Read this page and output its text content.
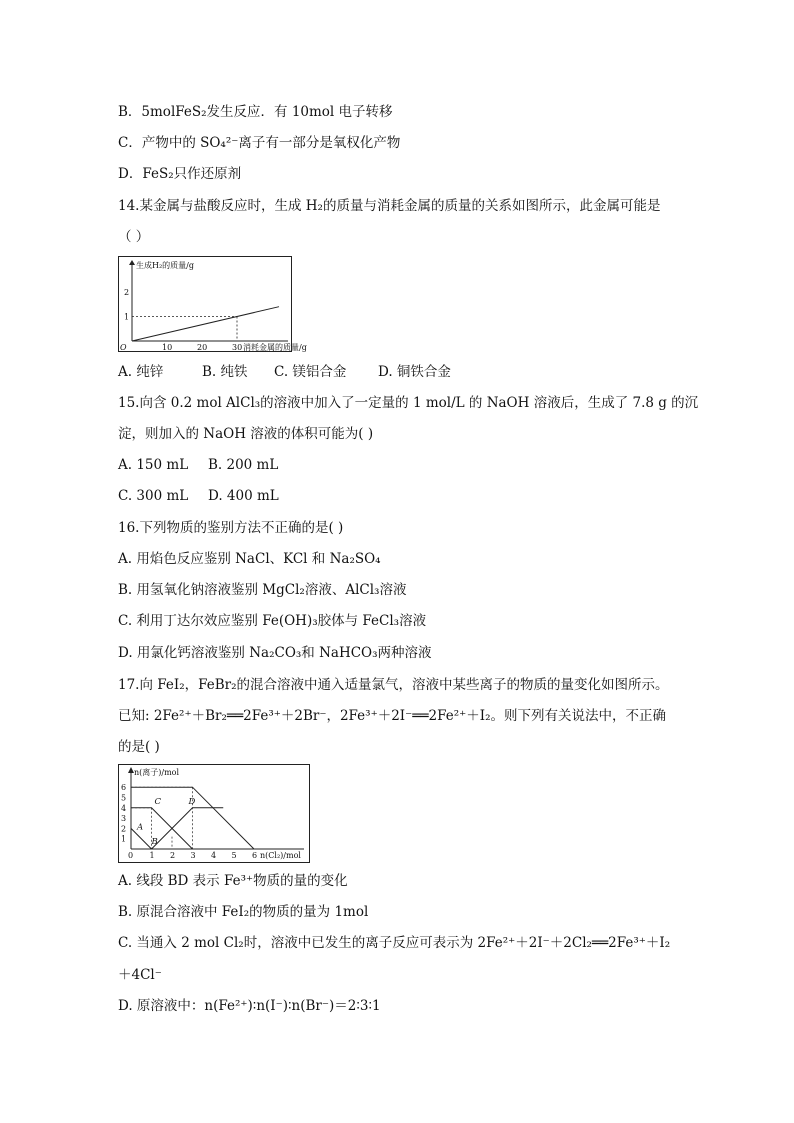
B．5molFeS₂发生反应．有 10mol 电子转移
C．产物中的 SO₄²⁻离子有一部分是氧权化产物
D．FeS₂只作还原剂
14.某金属与盐酸反应时，生成 H₂的质量与消耗金属的质量的关系如图所示，此金属可能是
（ ）
生成H₂的质量/g
O
1
2
10	20	30 消耗金属的质量/g
A. 纯锌	B. 纯铁 C. 镁铝合金 D. 铜铁合金
15.向含 0.2 mol AlCl₃的溶液中加入了一定量的 1 mol/L 的 NaOH 溶液后，生成了 7.8 g 的沉
淀，则加入的 NaOH 溶液的体积可能为( )
A. 150 mL B. 200 mL
C. 300 mL D. 400 mL
16.下列物质的鉴别方法不正确的是( )
A. 用焰色反应鉴别 NaCl、KCl 和 Na₂SO₄
B. 用氢氧化钠溶液鉴别 MgCl₂溶液、AlCl₃溶液
C. 利用丁达尔效应鉴别 Fe(OH)₃胶体与 FeCl₃溶液
D. 用氯化钙溶液鉴别 Na₂CO₃和 NaHCO₃两种溶液
17.向 FeI₂，FeBr₂的混合溶液中通入适量氯气，溶液中某些离子的物质的量变化如图所示。
已知: 2Fe²⁺＋Br₂══2Fe³⁺＋2Br⁻，2Fe³⁺＋2I⁻══2Fe²⁺＋I₂。则下列有关说法中，不正确
的是( )
n(离子)/mol
0
1
2
3
4
5
6
1 2 3 4 5 6 n(Cl₂)/mol
A
B
C	D
A. 线段 BD 表示 Fe³⁺物质的量的变化
B. 原混合溶液中 FeI₂的物质的量为 1mol
C. 当通入 2 mol Cl₂时，溶液中已发生的离子反应可表示为 2Fe²⁺＋2I⁻＋2Cl₂══2Fe³⁺＋I₂
＋4Cl⁻
D. 原溶液中：n(Fe²⁺)∶n(I⁻)∶n(Br⁻)＝2∶3∶1
